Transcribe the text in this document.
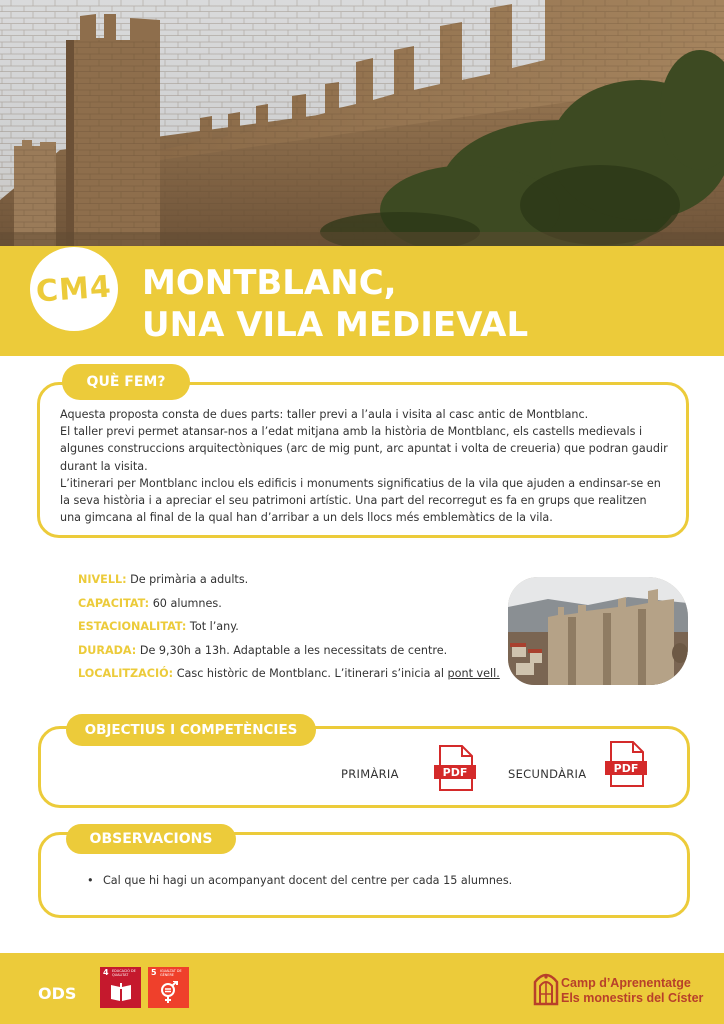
CM4 MONTBLANC,
UNA VILA MEDIEVAL
QUÈ FEM?

Aquesta proposta consta de dues parts: taller previ a l’aula i visita al casc antic de Montblanc.

El taller previ permet atansar-nos a l’edat mitjana amb la història de Montblanc, els castells medievals i algunes construccions arquitectòniques (arc de mig punt, arc apuntat i volta de creueria) que podran gaudir durant la visita.

L’itinerari per Montblanc inclou els edificis i monuments significatius de la vila que ajuden a endinsar-se en la seva història i a apreciar el seu patrimoni artístic. Una part del recorregut es fa en grups que realitzen una gimcana al final de la qual han d’arribar a un dels llocs més emblemàtics de la vila.

NIVELL: De primària a adults.
CAPACITAT: 60 alumnes.
ESTACIONALITAT: Tot l’any.
DURADA: De 9,30h a 13h. Adaptable a les necessitats de centre.
LOCALITZACIÓ: Casc històric de Montblanc. L’itinerari s’inicia al pont vell.
OBJECTIUS I COMPETÈNCIES
PRIMÀRIA	PDF	SECUNDÀRIA PDF
OBSERVACIONS
• Cal que hi hagi un acompanyant docent del centre per cada 15 alumnes.
ODS
4 EDUCACIÓ DE QUALITAT	5 IGUALTAT DE GÈNERE
Camp d’Aprenentatge
Els monestirs del Císter
